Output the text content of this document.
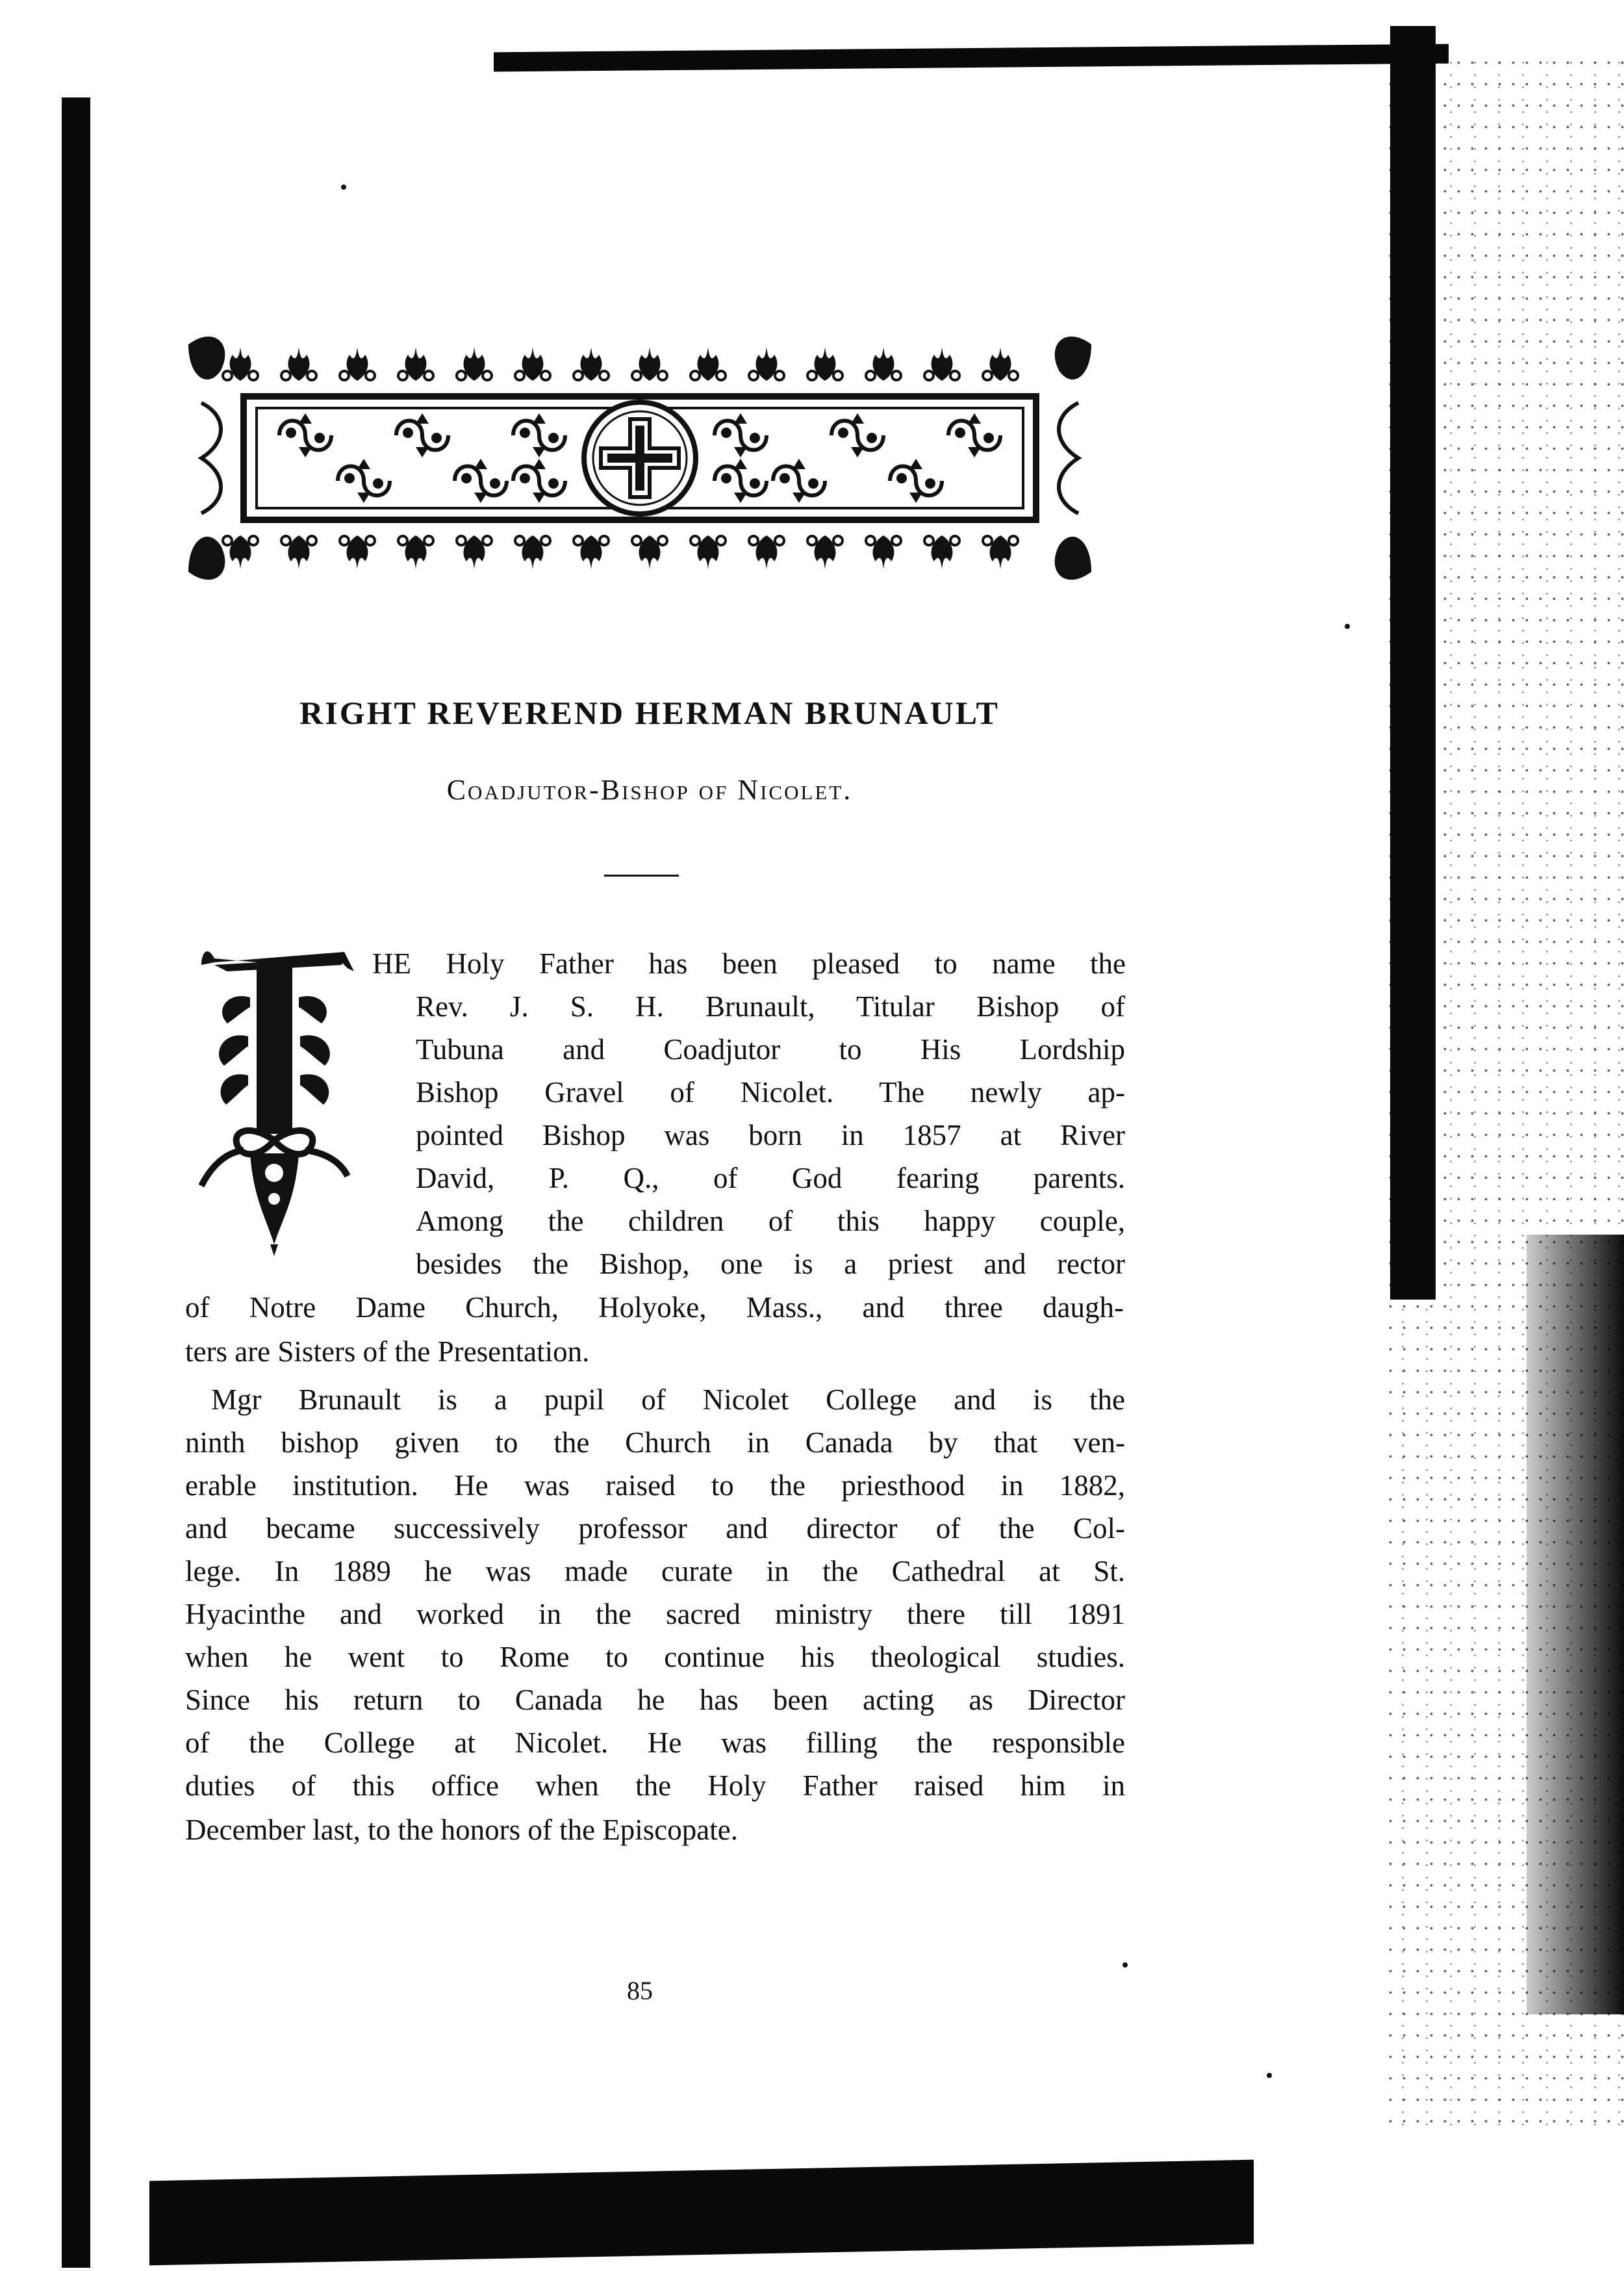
RIGHT REVEREND HERMAN BRUNAULT

Coadjutor-Bishop of Nicolet.

HE Holy Father has been pleased to name the

Rev. J. S. H. Brunault, Titular Bishop of

Tubuna and Coadjutor to His Lordship

Bishop Gravel of Nicolet. The newly ap-

pointed Bishop was born in 1857 at River

David, P. Q., of God fearing parents.

Among the children of this happy couple,

besides the Bishop, one is a priest and rector

of Notre Dame Church, Holyoke, Mass., and three daugh-

ters are Sisters of the Presentation.

Mgr Brunault is a pupil of Nicolet College and is the

ninth bishop given to the Church in Canada by that ven-

erable institution. He was raised to the priesthood in 1882,

and became successively professor and director of the Col-

lege. In 1889 he was made curate in the Cathedral at St.

Hyacinthe and worked in the sacred ministry there till 1891

when he went to Rome to continue his theological studies.

Since his return to Canada he has been acting as Director

of the College at Nicolet. He was filling the responsible

duties of this office when the Holy Father raised him in

December last, to the honors of the Episcopate.

85
